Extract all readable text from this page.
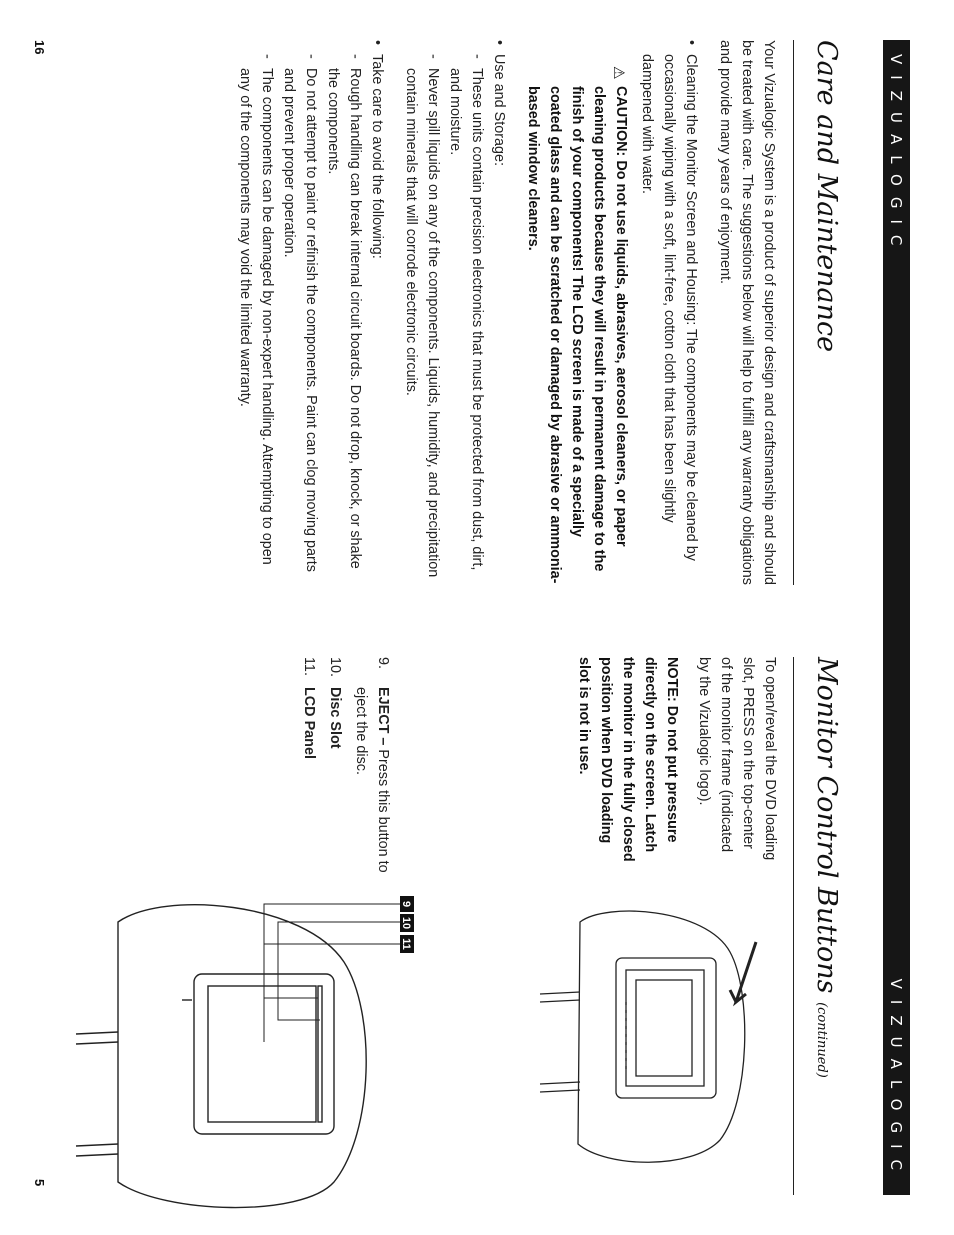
VIZUALOGIC
Care and Maintenance

Your Vizualogic System is a product of superior design and craftsmanship and should be treated with care. The suggestions below will help to fulfill any warranty obligations and provide many years of enjoyment.

• Cleaning the Monitor Screen and Housing: The components may be cleaned by occasionally wiping with a soft, lint-free, cotton cloth that has been slightly dampened with water.
⚠
CAUTION: Do not use liquids, abrasives, aerosol cleaners, or paper cleaning products because they will result in permanent damage to the finish of your components! The LCD screen is made of a specially coated glass and can be scratched or damaged by abrasive or ammonia-based window cleaners.
• Use and Storage:
- These units contain precision electronics that must be protected from dust, dirt, and moisture.
- Never spill liquids on any of the components. Liquids, humidity, and precipitation contain minerals that will corrode electronic circuits.
• Take care to avoid the following:
- Rough handling can break internal circuit boards. Do not drop, knock, or shake the components.
- Do not attempt to paint or refinish the components. Paint can clog moving parts and prevent proper operation.
- The components can be damaged by non-expert handling. Attempting to open any of the components may void the limited warranty.
16
VIZUALOGIC
Monitor Control Buttons (continued)

To open/reveal the DVD loading slot, PRESS on the top-center of the monitor frame (indicated by the Vizualogic logo).

NOTE: Do not put pressure directly on the screen. Latch the monitor in the fully closed position when DVD loading slot is not in use.

9.
EJECT – Press this button to eject the disc.
10.
Disc Slot
11.
LCD Panel
9
10
11
5
